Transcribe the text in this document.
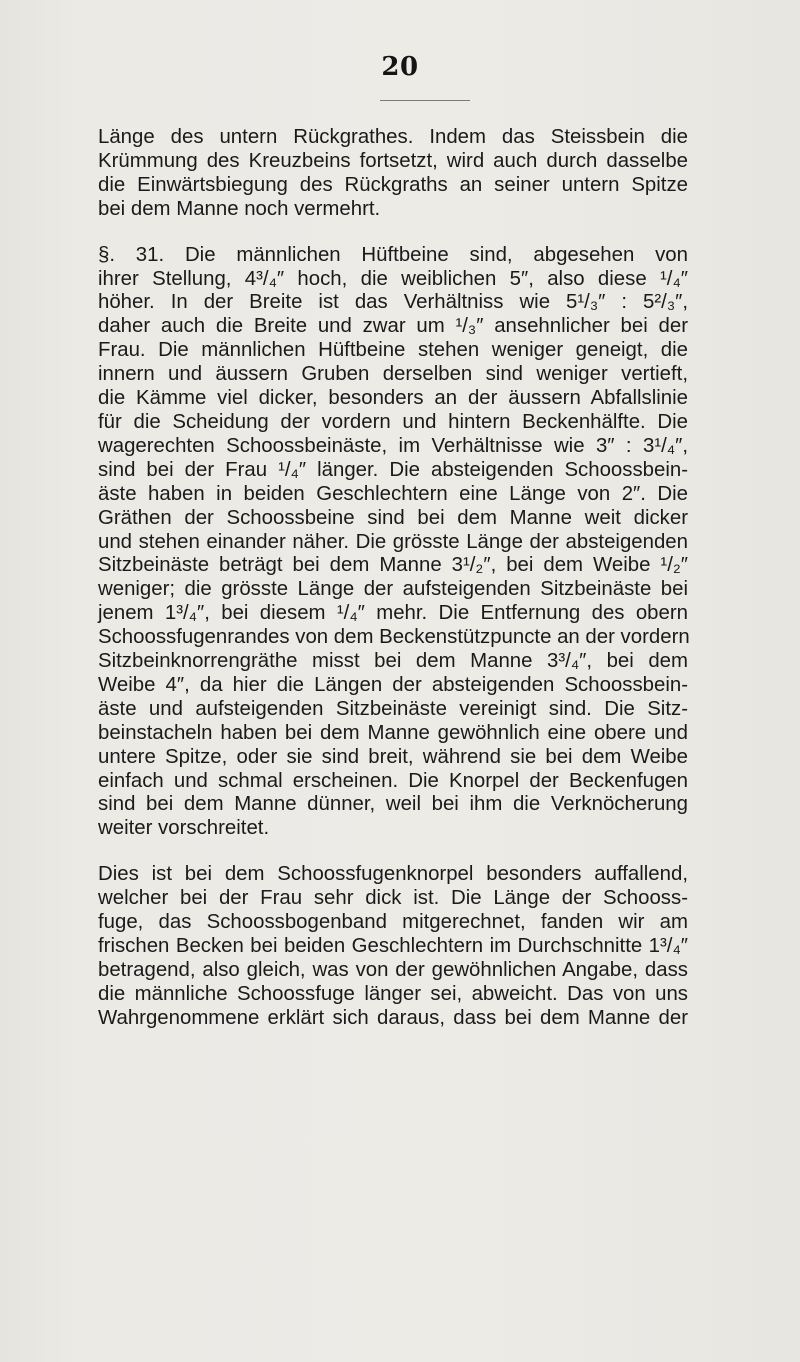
20
Länge des untern Rückgrathes. Indem das Steissbein die
Krümmung des Kreuzbeins fortsetzt, wird auch durch dasselbe
die Einwärtsbiegung des Rückgraths an seiner untern Spitze
bei dem Manne noch vermehrt.
§. 31. Die männlichen Hüftbeine sind, abgesehen von
ihrer Stellung, 4³/₄″ hoch, die weiblichen 5″, also diese ¹/₄″
höher. In der Breite ist das Verhältniss wie 5¹/₃″ : 5²/₃″,
daher auch die Breite und zwar um ¹/₃″ ansehnlicher bei der
Frau. Die männlichen Hüftbeine stehen weniger geneigt, die
innern und äussern Gruben derselben sind weniger vertieft,
die Kämme viel dicker, besonders an der äussern Abfallslinie
für die Scheidung der vordern und hintern Beckenhälfte. Die
wagerechten Schoossbeinäste, im Verhältnisse wie 3″ : 3¹/₄″,
sind bei der Frau ¹/₄″ länger. Die absteigenden Schoossbein-
äste haben in beiden Geschlechtern eine Länge von 2″. Die
Gräthen der Schoossbeine sind bei dem Manne weit dicker
und stehen einander näher. Die grösste Länge der absteigenden
Sitzbeinäste beträgt bei dem Manne 3¹/₂″, bei dem Weibe ¹/₂″
weniger; die grösste Länge der aufsteigenden Sitzbeinäste bei
jenem 1³/₄″, bei diesem ¹/₄″ mehr. Die Entfernung des obern
Schoossfugenrandes von dem Beckenstützpuncte an der vordern
Sitzbeinknorrengräthe misst bei dem Manne 3³/₄″, bei dem
Weibe 4″, da hier die Längen der absteigenden Schoossbein-
äste und aufsteigenden Sitzbeinäste vereinigt sind. Die Sitz-
beinstacheln haben bei dem Manne gewöhnlich eine obere und
untere Spitze, oder sie sind breit, während sie bei dem Weibe
einfach und schmal erscheinen. Die Knorpel der Beckenfugen
sind bei dem Manne dünner, weil bei ihm die Verknöcherung
weiter vorschreitet.
Dies ist bei dem Schoossfugenknorpel besonders auffallend,
welcher bei der Frau sehr dick ist. Die Länge der Schooss-
fuge, das Schoossbogenband mitgerechnet, fanden wir am
frischen Becken bei beiden Geschlechtern im Durchschnitte 1³/₄″
betragend, also gleich, was von der gewöhnlichen Angabe, dass
die männliche Schoossfuge länger sei, abweicht. Das von uns
Wahrgenommene erklärt sich daraus, dass bei dem Manne der
